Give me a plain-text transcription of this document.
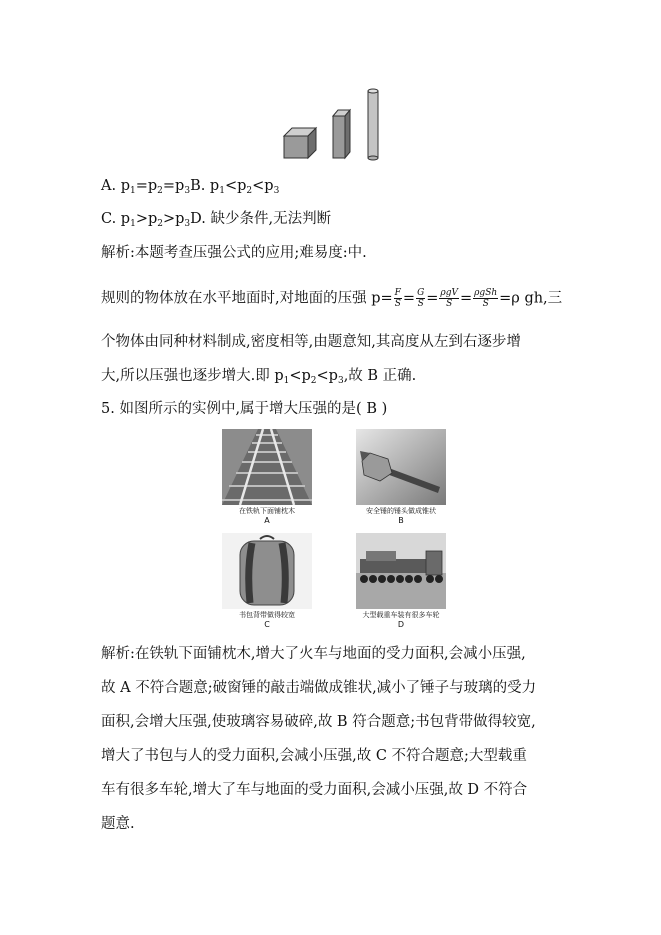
A. $p_1=p_2=p_3B$. $p_1<p_2<p_3$
C. $p_1>p_2>p_3D$. 缺少条件,无法判断
解析:本题考查压强公式的应用;难易度:中.
规则的物体放在水平地面时,对地面的压强 $p= \frac{F}{S} = \frac{G}{S} = \frac{\text{ρgV}}{S} = \frac{\text{ρgSh}}{S} =\rho$ gh,三
个物体由同种材料制成,密度相等,由题意知,其高度从左到右逐步增
大,所以压强也逐步增大.即 $p_1<p_2<p_3$,故 B 正确.
5. 如图所示的实例中,属于增大压强的是( B )
在铁轨下面铺枕木
A
安全锤的锤头做成锥状
B
书包背带做得较宽
C
大型载重车装有很多车轮
D
解析:在铁轨下面铺枕木,增大了火车与地面的受力面积,会减小压强,
故 A 不符合题意;破窗锤的敲击端做成锥状,减小了锤子与玻璃的受力
面积,会增大压强,使玻璃容易破碎,故 B 符合题意;书包背带做得较宽,
增大了书包与人的受力面积,会减小压强,故 C 不符合题意;大型载重
车有很多车轮,增大了车与地面的受力面积,会减小压强,故 D 不符合
题意.
